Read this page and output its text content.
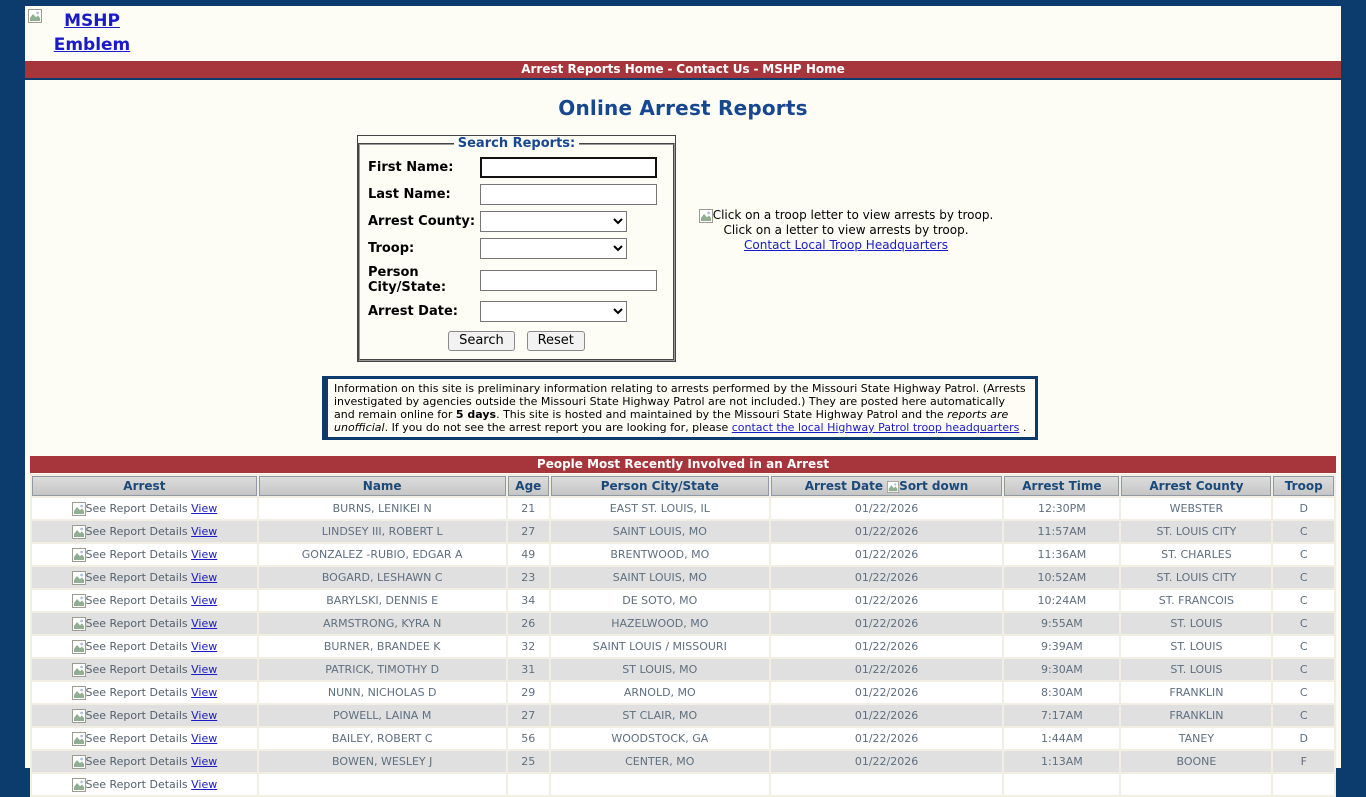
MSHP Emblem
Arrest Reports Home - Contact Us - MSHP Home
Online Arrest Reports
Search Reports:
First Name:
Last Name:
Arrest County:
Troop:
Person City/State:
Arrest Date:
Search	Reset
Click on a troop letter to view arrests by troop.
Click on a letter to view arrests by troop.
Contact Local Troop Headquarters
Information on this site is preliminary information relating to arrests performed by the Missouri State Highway Patrol. (Arrests investigated by agencies outside the Missouri State Highway Patrol are not included.) They are posted here automatically and remain online for 5 days. This site is hosted and maintained by the Missouri State Highway Patrol and the reports are unofficial. If you do not see the arrest report you are looking for, please contact the local Highway Patrol troop headquarters .
People Most Recently Involved in an Arrest
Arrest	Name	Age	Person City/State	Arrest Date Sort down	Arrest Time	Arrest County	Troop
See Report Details View	BURNS, LENIKEI N	21	EAST ST. LOUIS, IL	01/22/2026	12:30PM	WEBSTER	D
See Report Details View	LINDSEY III, ROBERT L	27	SAINT LOUIS, MO	01/22/2026	11:57AM	ST. LOUIS CITY	C
See Report Details View	GONZALEZ -RUBIO, EDGAR A	49	BRENTWOOD, MO	01/22/2026	11:36AM	ST. CHARLES	C
See Report Details View	BOGARD, LESHAWN C	23	SAINT LOUIS, MO	01/22/2026	10:52AM	ST. LOUIS CITY	C
See Report Details View	BARYLSKI, DENNIS E	34	DE SOTO, MO	01/22/2026	10:24AM	ST. FRANCOIS	C
See Report Details View	ARMSTRONG, KYRA N	26	HAZELWOOD, MO	01/22/2026	9:55AM	ST. LOUIS	C
See Report Details View	BURNER, BRANDEE K	32	SAINT LOUIS / MISSOURI	01/22/2026	9:39AM	ST. LOUIS	C
See Report Details View	PATRICK, TIMOTHY D	31	ST LOUIS, MO	01/22/2026	9:30AM	ST. LOUIS	C
See Report Details View	NUNN, NICHOLAS D	29	ARNOLD, MO	01/22/2026	8:30AM	FRANKLIN	C
See Report Details View	POWELL, LAINA M	27	ST CLAIR, MO	01/22/2026	7:17AM	FRANKLIN	C
See Report Details View	BAILEY, ROBERT C	56	WOODSTOCK, GA	01/22/2026	1:44AM	TANEY	D
See Report Details View	BOWEN, WESLEY J	25	CENTER, MO	01/22/2026	1:13AM	BOONE	F
See Report Details View							
